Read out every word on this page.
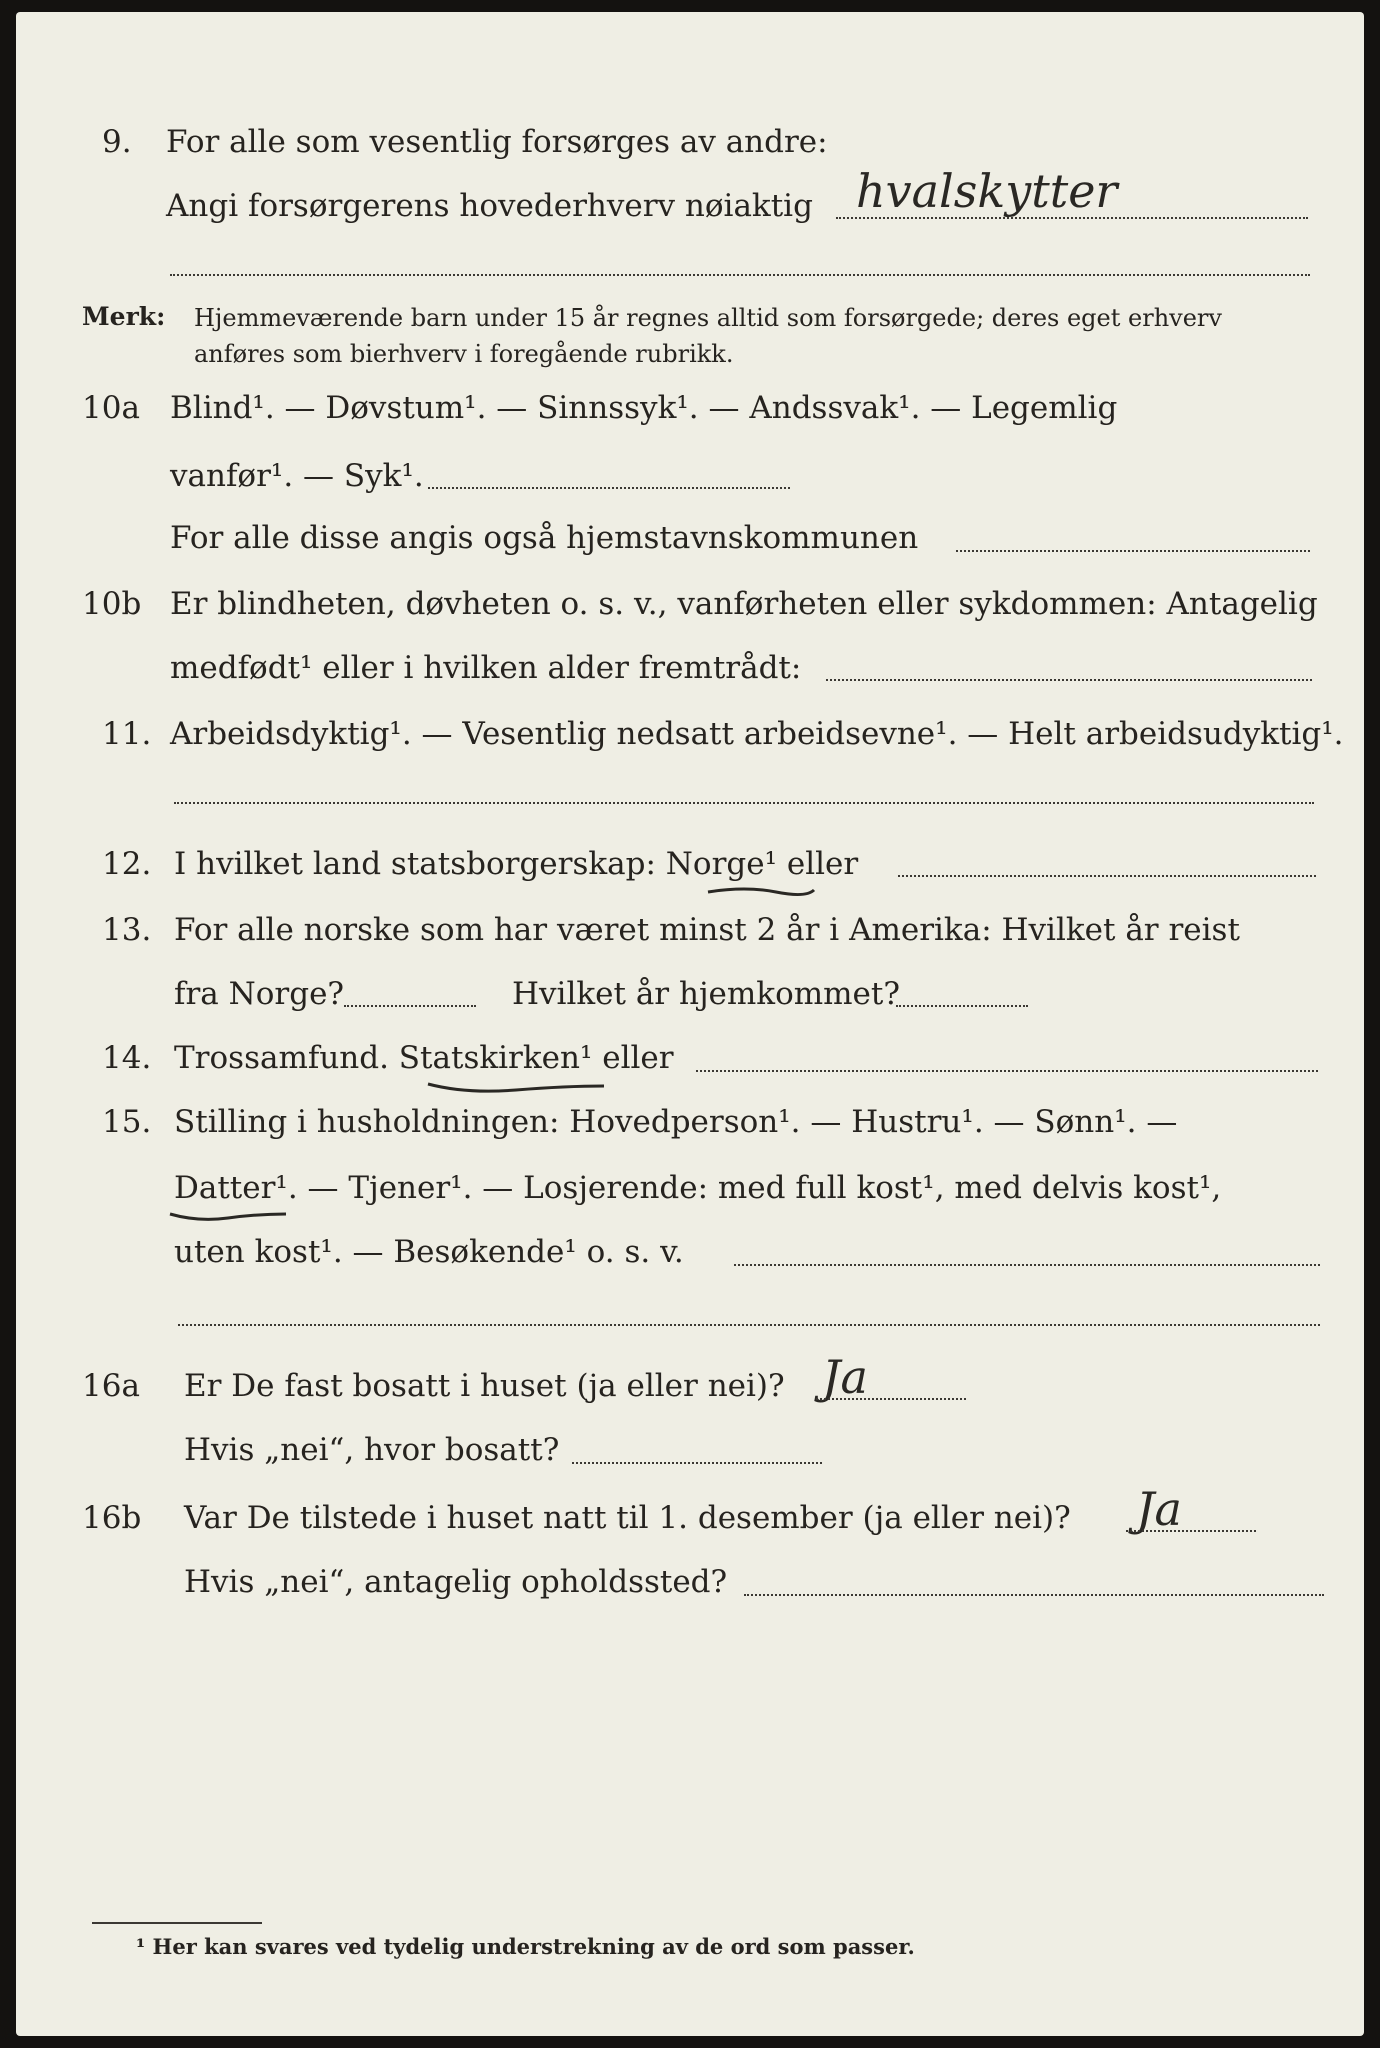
9. For alle som vesentlig forsørges av andre:
Angi forsørgerens hovederhverv nøiaktig hvalskytter
Merk: Hjemmeværende barn under 15 år regnes alltid som forsørgede; deres eget erhverv
anføres som bierhverv i foregående rubrikk.
10a Blind¹. — Døvstum¹. — Sinnssyk¹. — Andssvak¹. — Legemlig
vanfør¹. — Syk¹.
For alle disse angis også hjemstavnskommunen
10b Er blindheten, døvheten o. s. v., vanførheten eller sykdommen: Antagelig
medfødt¹ eller i hvilken alder fremtrådt:
11. Arbeidsdyktig¹. — Vesentlig nedsatt arbeidsevne¹. — Helt arbeidsudyktig¹.
12. I hvilket land statsborgerskap: Norge¹ eller
13. For alle norske som har været minst 2 år i Amerika: Hvilket år reist
fra Norge?	Hvilket år hjemkommet?
14. Trossamfund. Statskirken¹ eller
15. Stilling i husholdningen: Hovedperson¹. — Hustru¹. — Sønn¹. —
Datter¹. — Tjener¹. — Losjerende: med full kost¹, med delvis kost¹,
uten kost¹. — Besøkende¹ o. s. v.
16a Er De fast bosatt i huset (ja eller nei)? Ja
Hvis „nei“, hvor bosatt?
16b Var De tilstede i huset natt til 1. desember (ja eller nei)? Ja
Hvis „nei“, antagelig opholdssted?
¹ Her kan svares ved tydelig understrekning av de ord som passer.
